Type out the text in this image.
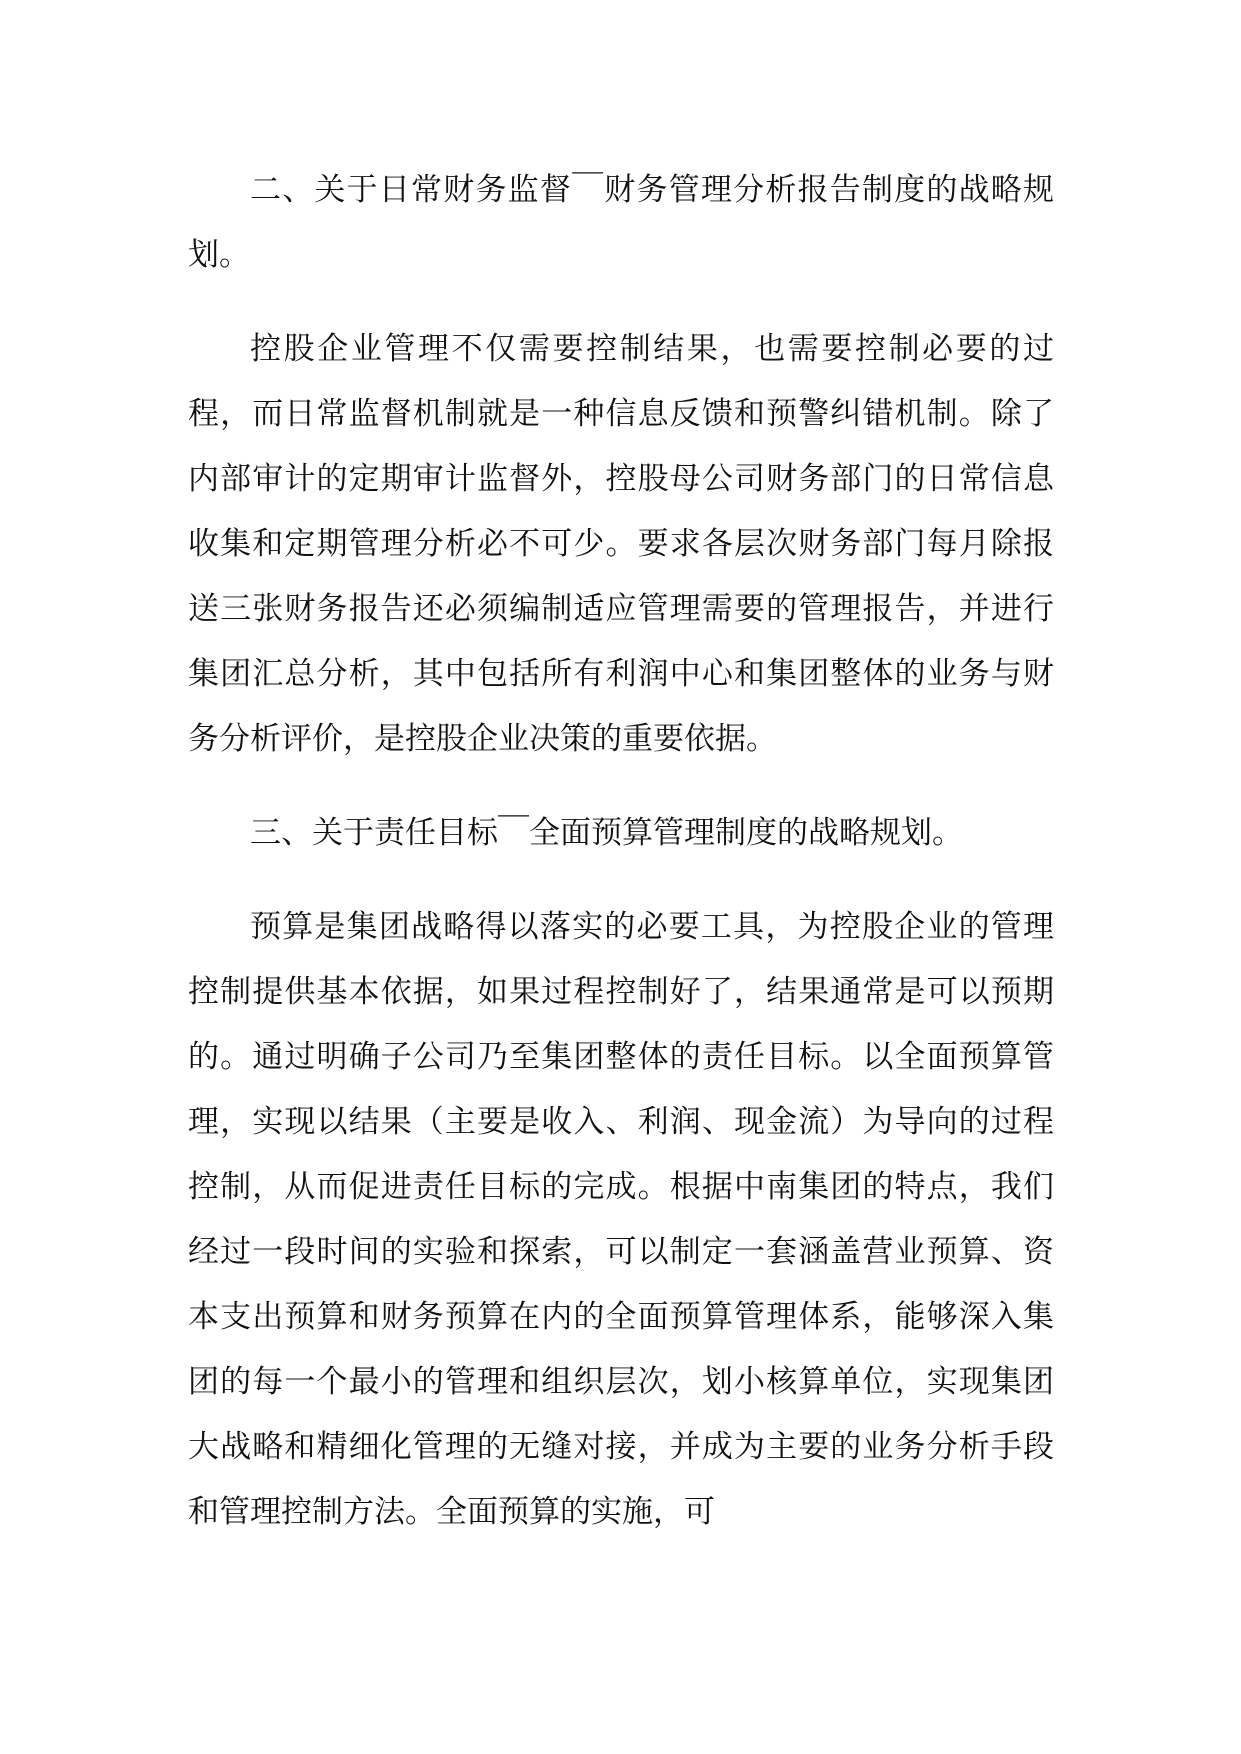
二、关于日常财务监督￣财务管理分析报告制度的战略规划。

控股企业管理不仅需要控制结果，也需要控制必要的过程，而日常监督机制就是一种信息反馈和预警纠错机制。除了内部审计的定期审计监督外，控股母公司财务部门的日常信息收集和定期管理分析必不可少。要求各层次财务部门每月除报送三张财务报告还必须编制适应管理需要的管理报告，并进行集团汇总分析，其中包括所有利润中心和集团整体的业务与财务分析评价，是控股企业决策的重要依据。

三、关于责任目标￣全面预算管理制度的战略规划。

预算是集团战略得以落实的必要工具，为控股企业的管理控制提供基本依据，如果过程控制好了，结果通常是可以预期的。通过明确子公司乃至集团整体的责任目标。以全面预算管理，实现以结果（主要是收入、利润、现金流）为导向的过程控制，从而促进责任目标的完成。根据中南集团的特点，我们经过一段时间的实验和探索，可以制定一套涵盖营业预算、资本支出预算和财务预算在内的全面预算管理体系，能够深入集团的每一个最小的管理和组织层次，划小核算单位，实现集团大战略和精细化管理的无缝对接，并成为主要的业务分析手段和管理控制方法。全面预算的实施，可
